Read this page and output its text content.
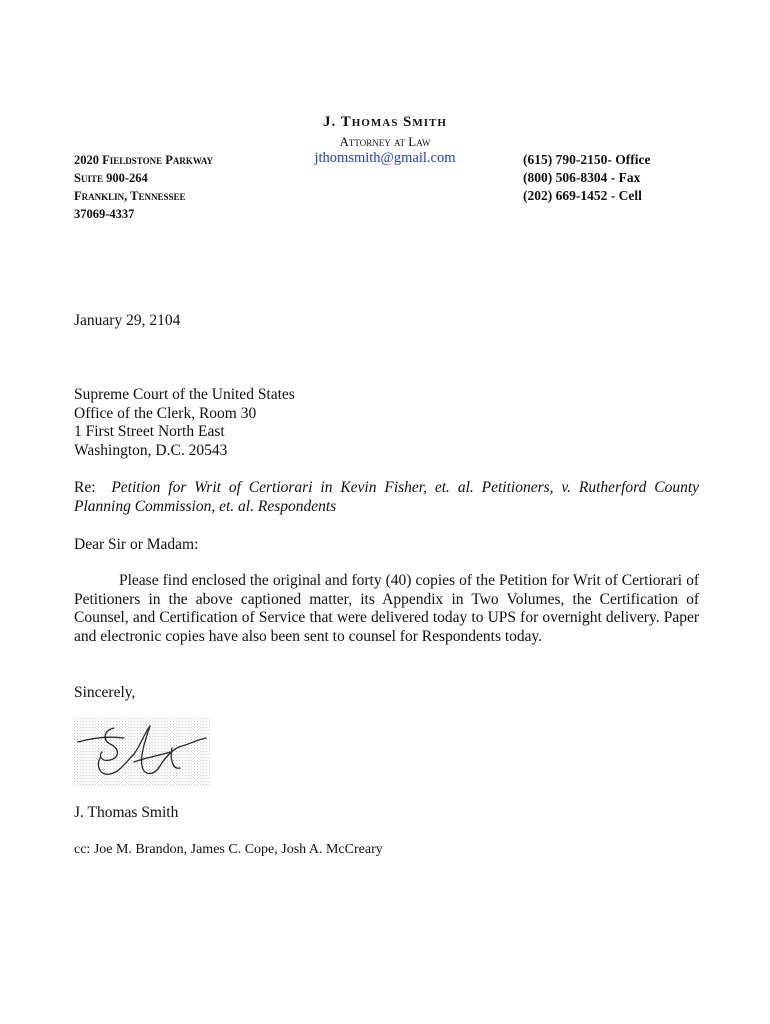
J. Thomas Smith
Attorney at Law
jthomsmith@gmail.com
2020 Fieldstone Parkway
Suite 900-264
Franklin, Tennessee
37069-4337
(615) 790-2150- Office
(800) 506-8304 - Fax
(202) 669-1452 - Cell
January 29, 2104
Supreme Court of the United States
Office of the Clerk, Room 30
1 First Street North East
Washington, D.C. 20543
Re: Petition for Writ of Certiorari in Kevin Fisher, et. al. Petitioners, v. Rutherford County Planning Commission, et. al. Respondents
Dear Sir or Madam:
Please find enclosed the original and forty (40) copies of the Petition for Writ of Certiorari of Petitioners in the above captioned matter, its Appendix in Two Volumes, the Certification of Counsel, and Certification of Service that were delivered today to UPS for overnight delivery. Paper and electronic copies have also been sent to counsel for Respondents today.
Sincerely,
J. Thomas Smith
cc: Joe M. Brandon, James C. Cope, Josh A. McCreary
